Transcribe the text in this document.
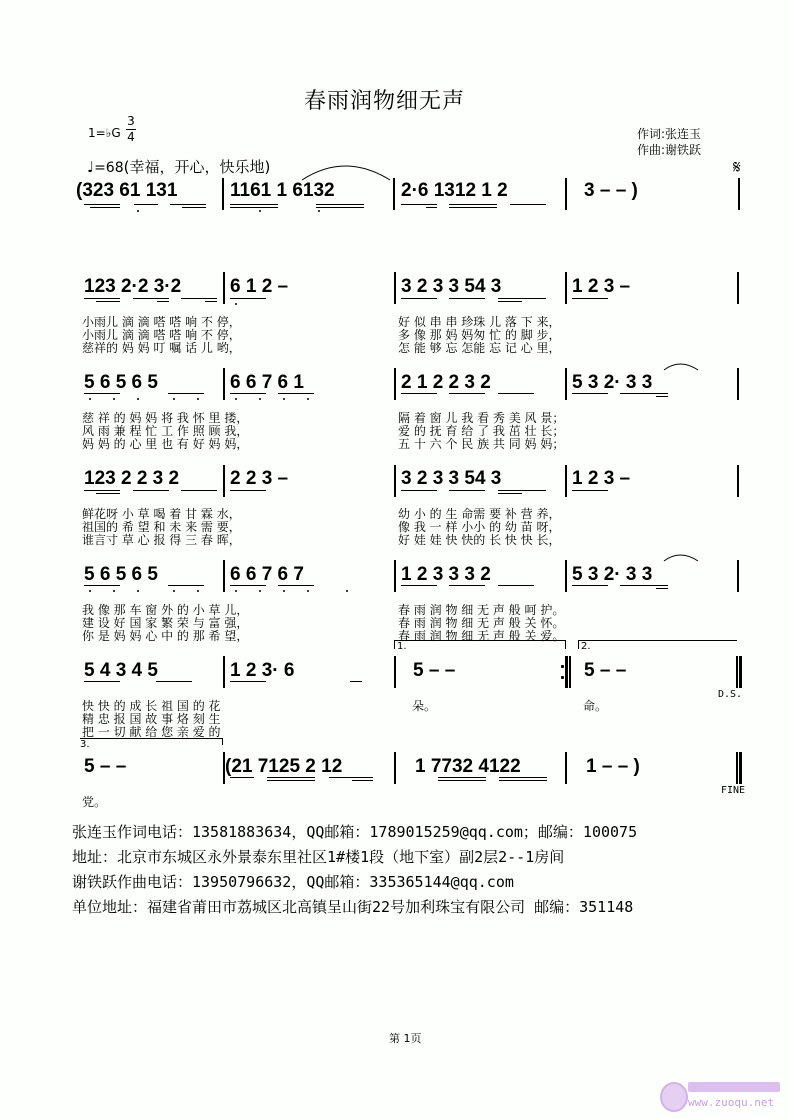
春雨润物细无声
1=♭G
3
4
♩=68(幸福，开心，快乐地)
作词:张连玉
作曲:谢铁跃
𝄋
(323 61 131	1161 1 6132	2·6 1312 1 2	3 – – )
123 2·2 3·2	6 1 2 –	3 2 3 3 54 3	1 2 3 –
小雨儿 滴 滴 嗒 嗒 响 不 停，
小雨儿 滴 滴 嗒 嗒 响 不 停，
慈祥的 妈 妈 叮 嘱 话 儿 哟，
好 似 串 串 珍珠 儿 落 下 来，
多 像 那 妈 妈匆 忙 的 脚 步，
怎 能 够 忘 怎能 忘 记 心 里，
5 6 5 6 5	6 6 7 6 1	2 1 2 2 3 2	5 3 2· 3 3
慈 祥 的 妈 妈 将 我 怀 里 搂，
风 雨 兼 程 忙 工 作 照 顾 我，
妈 妈 的 心 里 也 有 好 妈 妈，
隔 着 窗 儿 我 看 秀 美 风 景；
爱 的 抚 育 给 了 我 茁 壮 长；
五 十 六 个 民 族 共 同 妈 妈；
123 2 2 3 2	2 2 3 –	3 2 3 3 54 3	1 2 3 –
鲜花呀 小 草 喝 着 甘 霖 水，
祖国的 希 望 和 未 来 需 要，
谁言寸 草 心 报 得 三 春 晖，
幼 小 的 生 命需 要 补 营 养，
像 我 一 样 小小 的 幼 苗 呀，
好 娃 娃 快 快的 长 快 快 长，
5 6 5 6 5	6 6 7 6 7	1 2 3 3 3 2	5 3 2· 3 3
我 像 那 车 窗 外 的 小 草 儿，
建 设 好 国 家 繁 荣 与 富 强，
你 是 妈 妈 心 中 的 那 希 望，
春 雨 润 物 细 无 声 般 呵 护。
春 雨 润 物 细 无 声 般 关 怀。
春 雨 润 物 细 无 声 般 关 爱。
1.	2.
5 4 3 4 5	1 2 3· 6	5 – –	5 – –
D.S.
快 快 的 成 长 祖 国 的 花
精 忠 报 国 故 事 烙 刻 生
把 一 切 献 给 您 亲 爱 的
朵。	命。
3.
5 – –	(21 7125 2 12	1 7732 4122	1 – – )
FINE
党。
张连玉作词电话：13581883634，QQ邮箱：1789015259@qq.com；邮编：100075
地址：北京市东城区永外景泰东里社区1#楼1段（地下室）副2层2--1房间
谢铁跃作曲电话：13950796632，QQ邮箱：335365144@qq.com
单位地址：福建省莆田市荔城区北高镇呈山街22号加利珠宝有限公司 邮编：351148
第 1页
www.zuoqu.net
